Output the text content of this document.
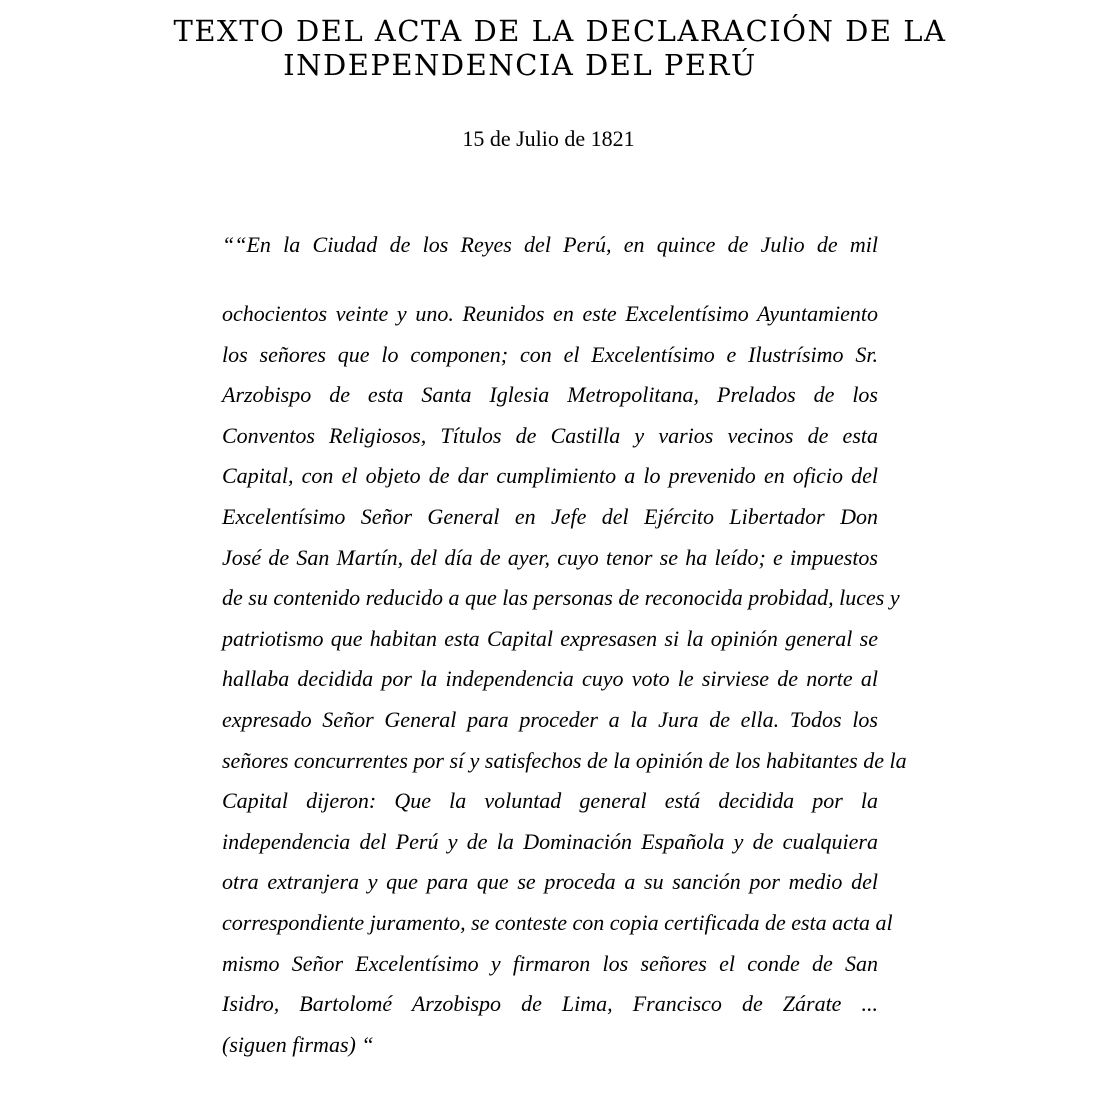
TEXTO DEL ACTA DE LA DECLARACIÓN DE LA
INDEPENDENCIA DEL PERÚ
15 de Julio de 1821
““En la Ciudad de los Reyes del Perú, en quince de Julio de mil
ochocientos veinte y uno. Reunidos en este Excelentísimo Ayuntamiento
los señores que lo componen; con el Excelentísimo e Ilustrísimo Sr.
Arzobispo de esta Santa Iglesia Metropolitana, Prelados de los
Conventos Religiosos, Títulos de Castilla y varios vecinos de esta
Capital, con el objeto de dar cumplimiento a lo prevenido en oficio del
Excelentísimo Señor General en Jefe del Ejército Libertador Don
José de San Martín, del día de ayer, cuyo tenor se ha leído; e impuestos
de su contenido reducido a que las personas de reconocida probidad, luces y
patriotismo que habitan esta Capital expresasen si la opinión general se
hallaba decidida por la independencia cuyo voto le sirviese de norte al
expresado Señor General para proceder a la Jura de ella. Todos los
señores concurrentes por sí y satisfechos de la opinión de los habitantes de la
Capital dijeron: Que la voluntad general está decidida por la
independencia del Perú y de la Dominación Española y de cualquiera
otra extranjera y que para que se proceda a su sanción por medio del
correspondiente juramento, se conteste con copia certificada de esta acta al
mismo Señor Excelentísimo y firmaron los señores el conde de San
Isidro, Bartolomé Arzobispo de Lima, Francisco de Zárate ...
(siguen firmas) “
